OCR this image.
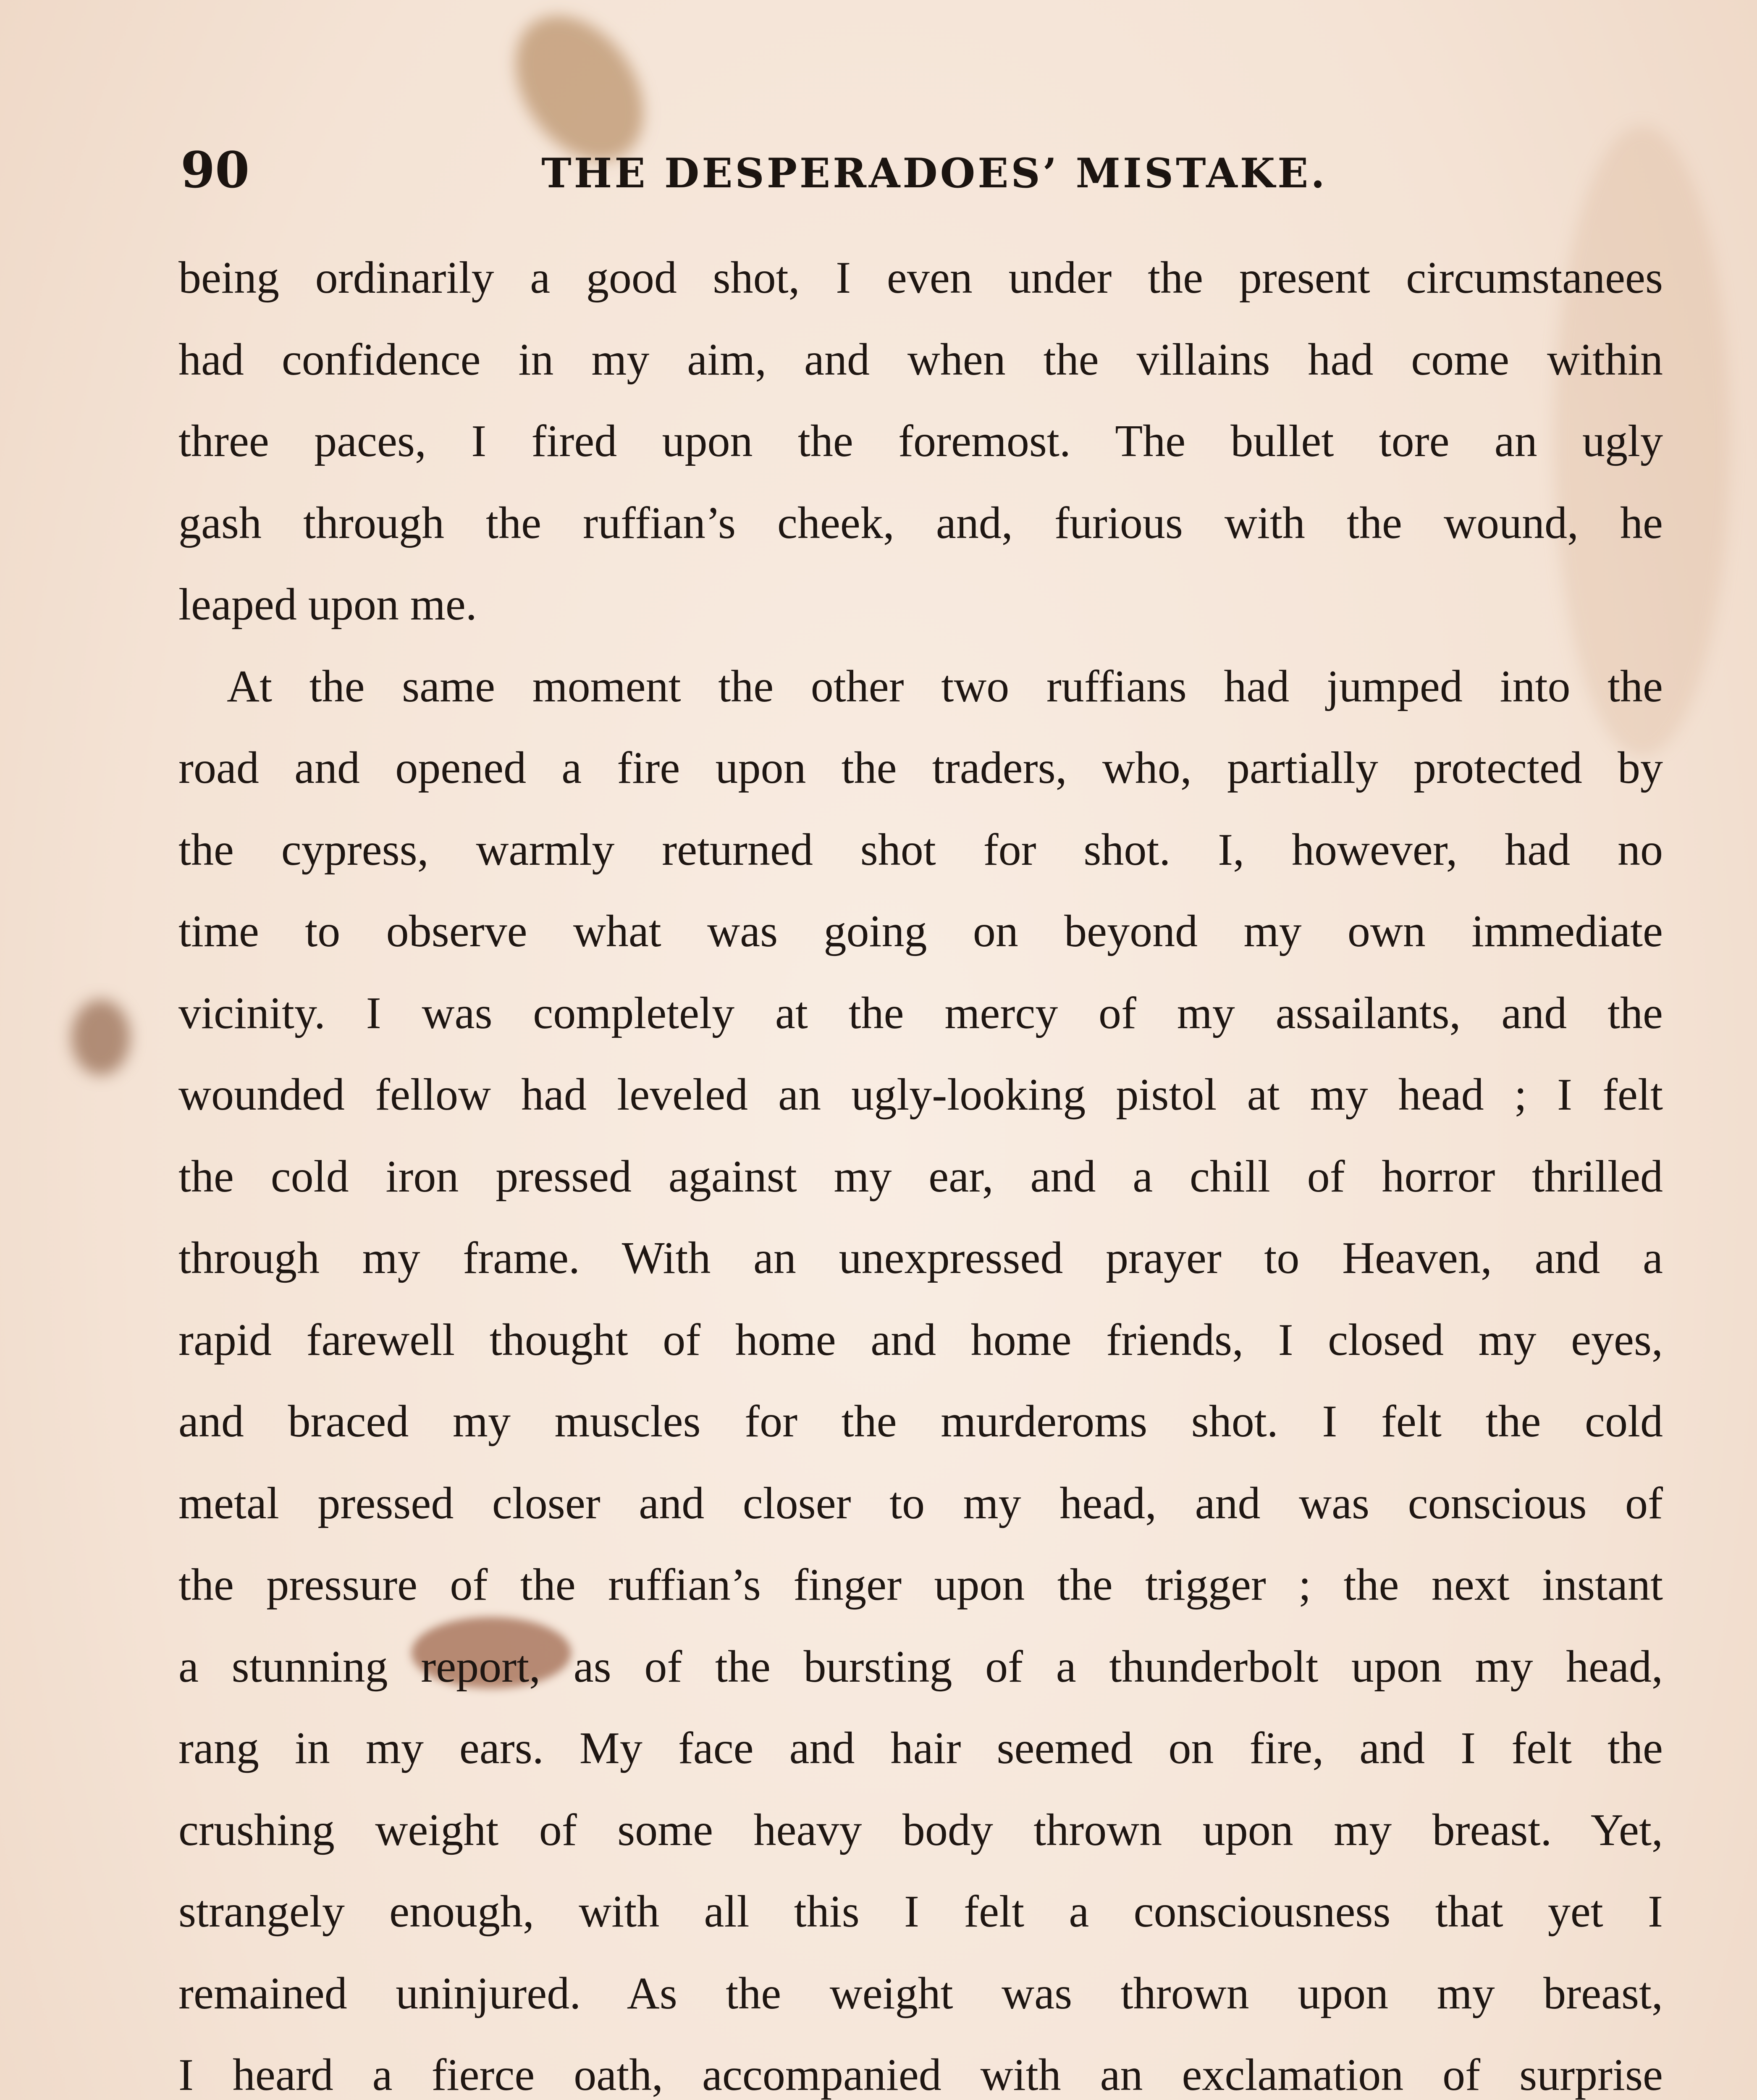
90	THE DESPERADOES’ MISTAKE.
being ordinarily a good shot, I even under the present circumstanees
had confidence in my aim, and when the villains had come within
three paces, I fired upon the foremost. The bullet tore an ugly
gash through the ruffian’s cheek, and, furious with the wound, he
leaped upon me.
At the same moment the other two ruffians had jumped into the
road and opened a fire upon the traders, who, partially protected by
the cypress, warmly returned shot for shot. I, however, had no
time to observe what was going on beyond my own immediate
vicinity. I was completely at the mercy of my assailants, and the
wounded fellow had leveled an ugly-looking pistol at my head ; I felt
the cold iron pressed against my ear, and a chill of horror thrilled
through my frame. With an unexpressed prayer to Heaven, and a
rapid farewell thought of home and home friends, I closed my eyes,
and braced my muscles for the murderoms shot. I felt the cold
metal pressed closer and closer to my head, and was conscious of
the pressure of the ruffian’s finger upon the trigger ; the next instant
a stunning report, as of the bursting of a thunderbolt upon my head,
rang in my ears. My face and hair seemed on fire, and I felt the
crushing weight of some heavy body thrown upon my breast. Yet,
strangely enough, with all this I felt a consciousness that yet I
remained uninjured. As the weight was thrown upon my breast,
I heard a fierce oath, accompanied with an exclamation of surprise
